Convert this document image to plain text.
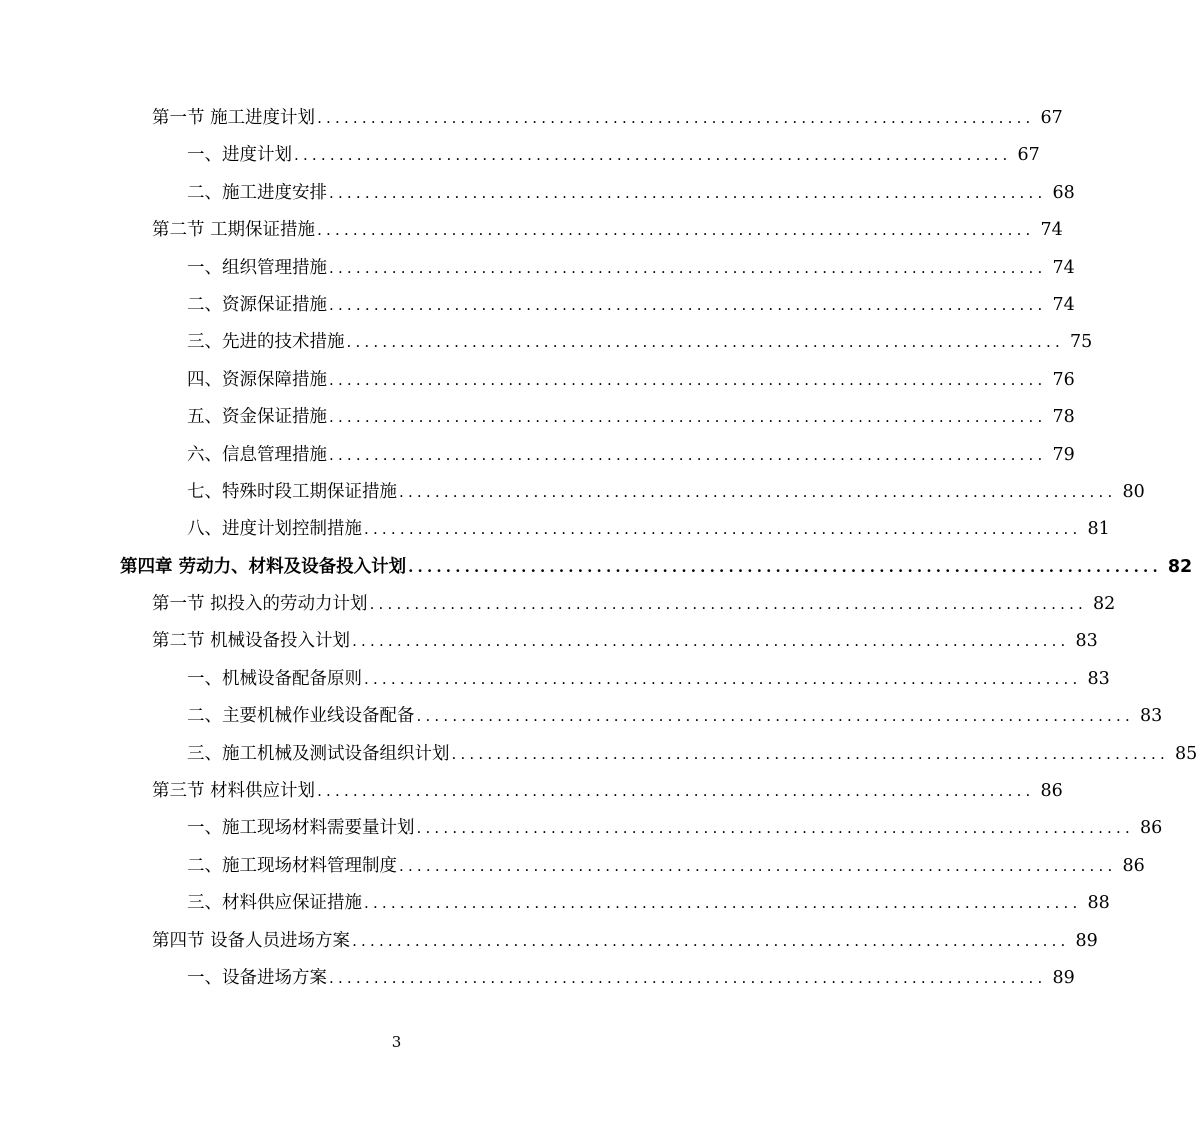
第一节 施工进度计划 ................................................................................ 67
一、进度计划 ................................................................................ 67
二、施工进度安排 ................................................................................ 68
第二节 工期保证措施 ................................................................................ 74
一、组织管理措施 ................................................................................ 74
二、资源保证措施 ................................................................................ 74
三、先进的技术措施 ................................................................................ 75
四、资源保障措施 ................................................................................ 76
五、资金保证措施 ................................................................................ 78
六、信息管理措施 ................................................................................ 79
七、特殊时段工期保证措施 ................................................................................ 80
八、进度计划控制措施 ................................................................................ 81
第四章 劳动力、材料及设备投入计划 ................................................................................ 82
第一节 拟投入的劳动力计划 ................................................................................ 82
第二节 机械设备投入计划 ................................................................................ 83
一、机械设备配备原则 ................................................................................ 83
二、主要机械作业线设备配备 ................................................................................ 83
三、施工机械及测试设备组织计划 ................................................................................ 85
第三节 材料供应计划 ................................................................................ 86
一、施工现场材料需要量计划 ................................................................................ 86
二、施工现场材料管理制度 ................................................................................ 86
三、材料供应保证措施 ................................................................................ 88
第四节 设备人员进场方案 ................................................................................ 89
一、设备进场方案 ................................................................................ 89
3
